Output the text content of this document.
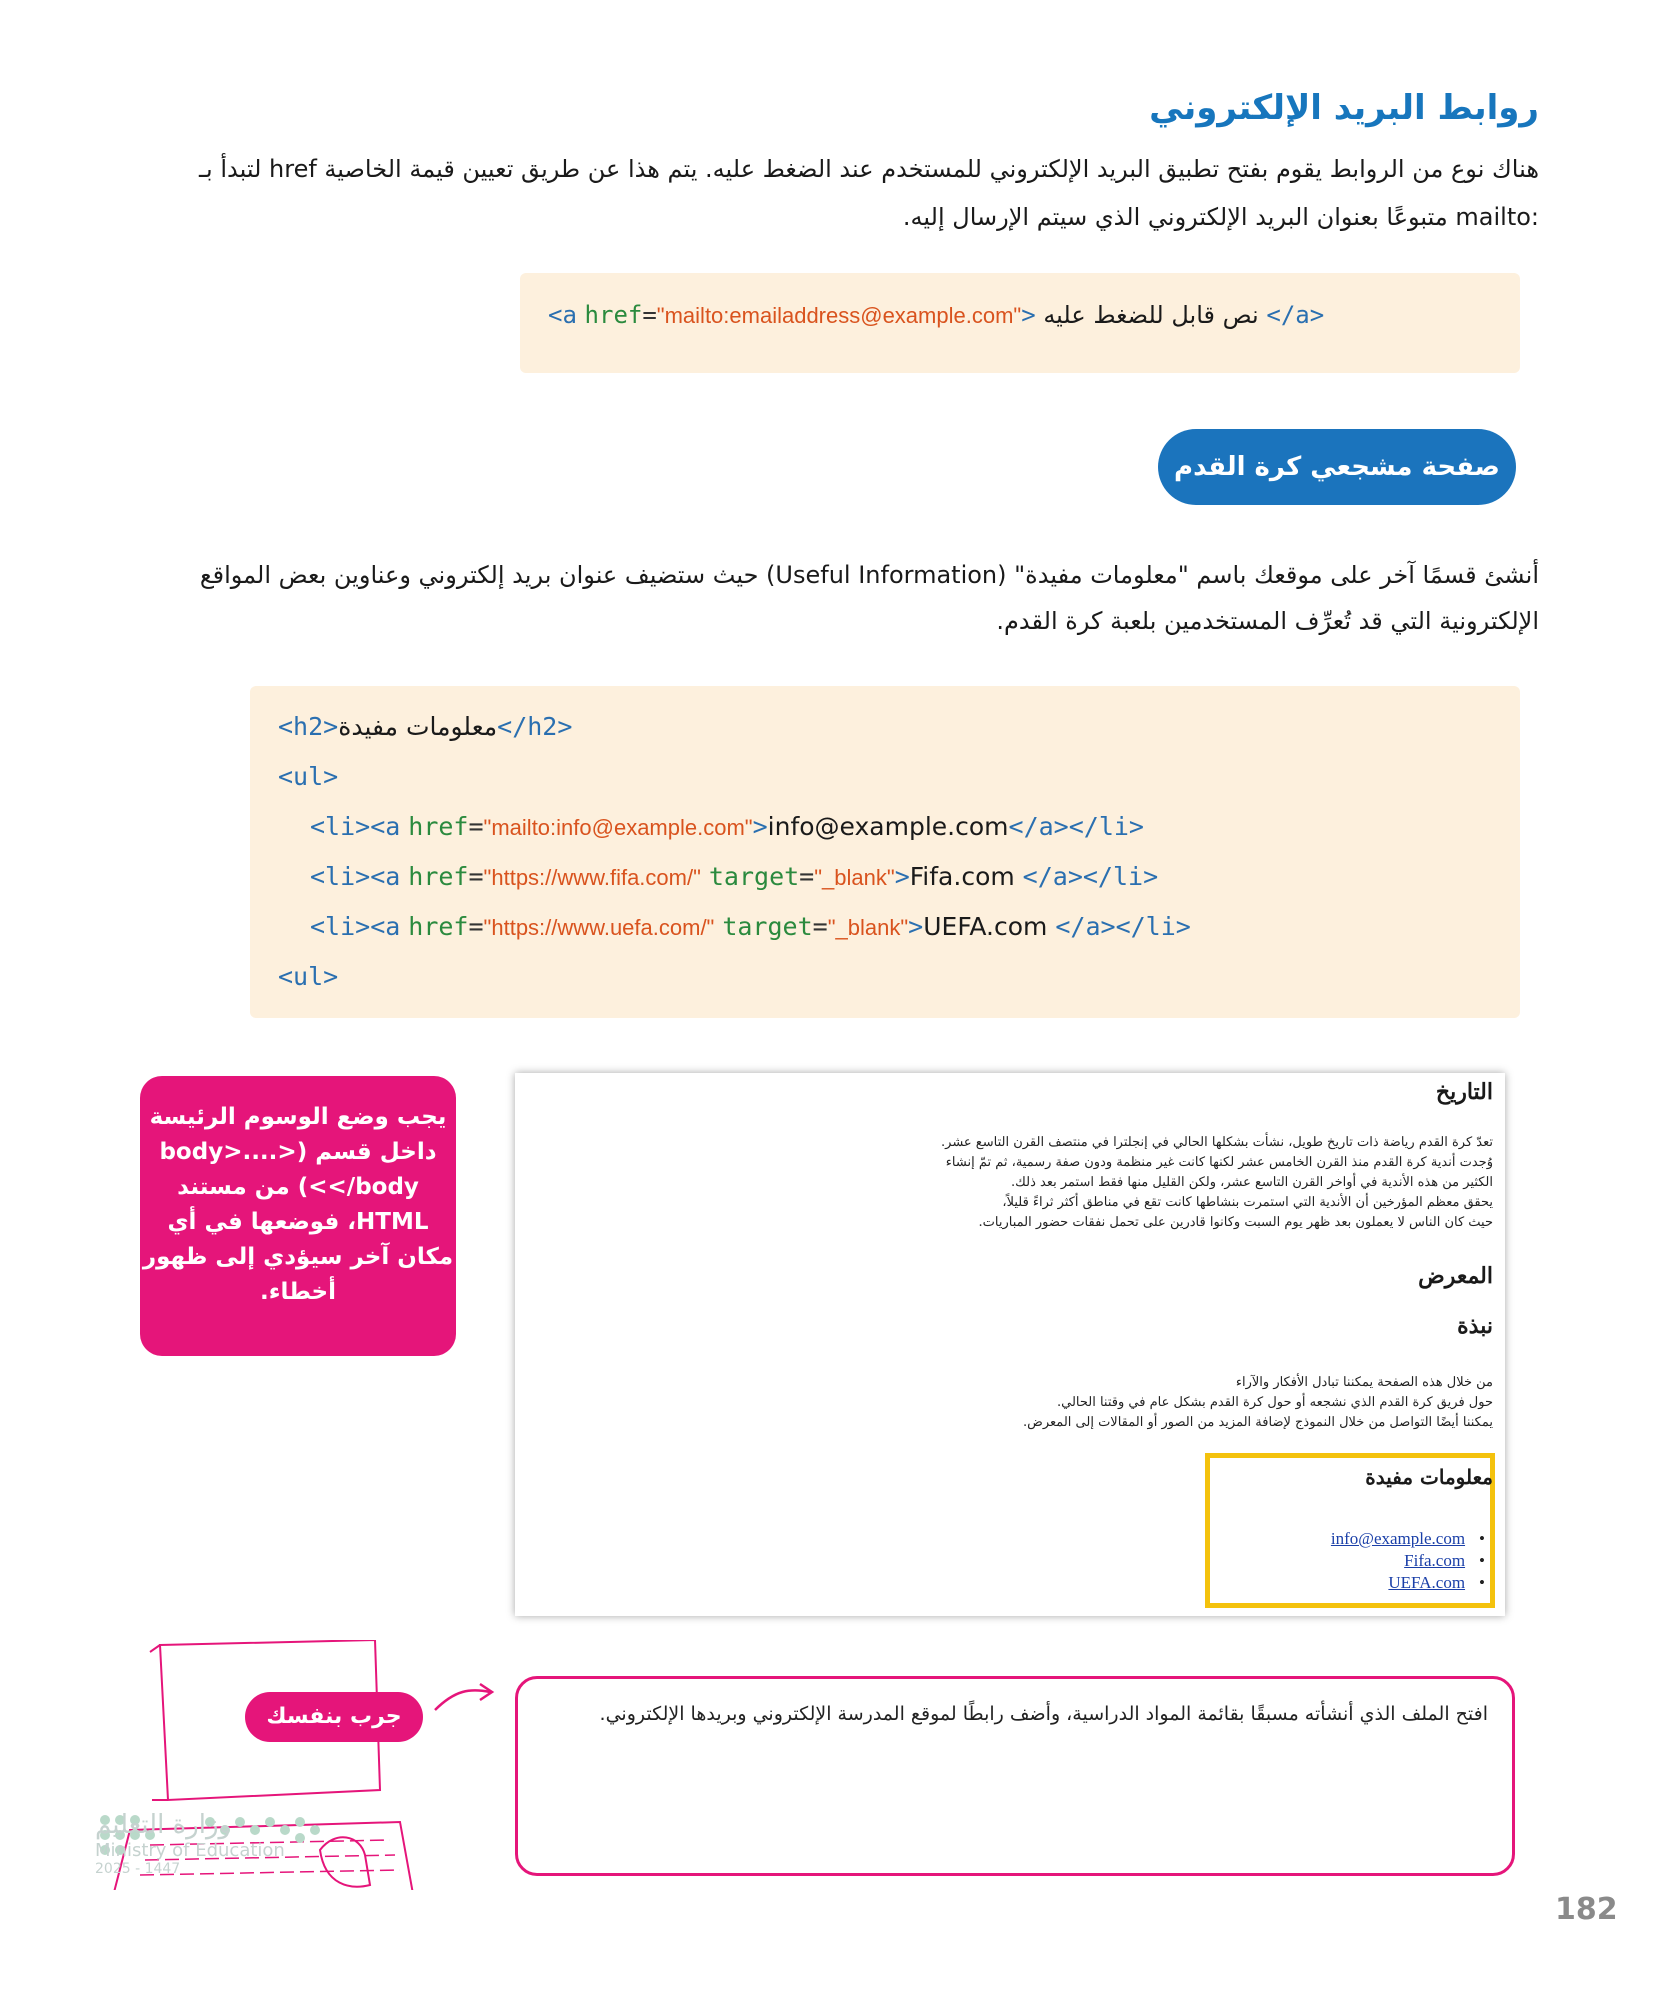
روابط البريد الإلكتروني
هناك نوع من الروابط يقوم بفتح تطبيق البريد الإلكتروني للمستخدم عند الضغط عليه. يتم هذا عن طريق تعيين قيمة الخاصية href لتبدأ بـ :mailto متبوعًا بعنوان البريد الإلكتروني الذي سيتم الإرسال إليه.
<a href="mailto:emailaddress@example.com"> نص قابل للضغط عليه </a>
صفحة مشجعي كرة القدم
أنشئ قسمًا آخر على موقعك باسم "معلومات مفيدة" (Useful Information) حيث ستضيف عنوان بريد إلكتروني وعناوين بعض المواقع الإلكترونية التي قد تُعرِّف المستخدمين بلعبة كرة القدم.
<h2>معلومات مفيدة</h2>
<ul>
<li><a href="mailto:info@example.com">info@example.com</a></li>
<li><a href="https://www.fifa.com/" target="_blank">Fifa.com </a></li>
<li><a href="https://www.uefa.com/" target="_blank">UEFA.com </a></li>
<ul>
يجب وضع الوسوم الرئيسة داخل قسم (<body>....</body>) من مستند HTML، فوضعها في أي مكان آخر سيؤدي إلى ظهور أخطاء.
التاريخ
تعدّ كرة القدم رياضة ذات تاريخ طويل، نشأت بشكلها الحالي في إنجلترا في منتصف القرن التاسع عشر.
وُجدت أندية كرة القدم منذ القرن الخامس عشر لكنها كانت غير منظمة ودون صفة رسمية، ثم تمّ إنشاء
الكثير من هذه الأندية في أواخر القرن التاسع عشر، ولكن القليل منها فقط استمر بعد ذلك.
يحقق معظم المؤرخين أن الأندية التي استمرت بنشاطها كانت تقع في مناطق أكثر ثراءً قليلاً،
حيث كان الناس لا يعملون بعد ظهر يوم السبت وكانوا قادرين على تحمل نفقات حضور المباريات.
المعرض
نبذة
من خلال هذه الصفحة يمكننا تبادل الأفكار والآراء
حول فريق كرة القدم الذي نشجعه أو حول كرة القدم بشكل عام في وقتنا الحالي.
يمكننا أيضًا التواصل من خلال النموذج لإضافة المزيد من الصور أو المقالات إلى المعرض.
معلومات مفيدة
• info@example.com
• Fifa.com
• UEFA.com
جرب بنفسك	افتح الملف الذي أنشأته مسبقًا بقائمة المواد الدراسية، وأضف رابطًا لموقع المدرسة الإلكتروني وبريدها الإلكتروني.
وزارة التعليم
Ministry of Education
2025 - 1447
182
